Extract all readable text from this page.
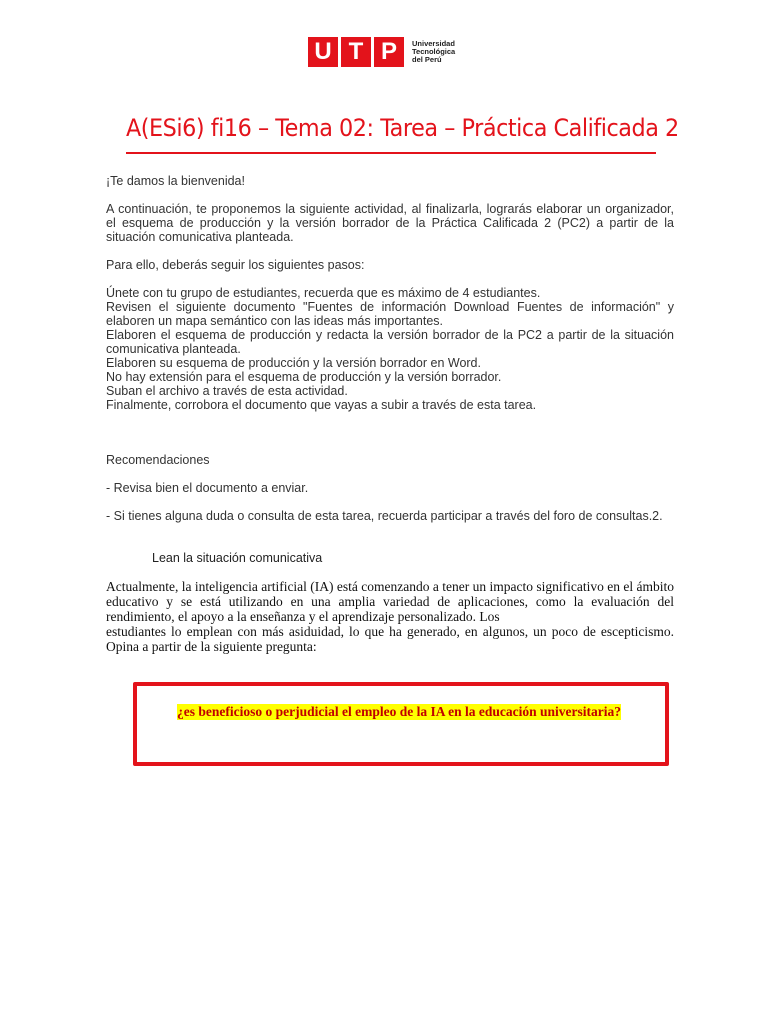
U T P	Universidad
Tecnológica
del Perú
A(ESi6) fi16 – Tema 02: Tarea – Práctica Calificada 2

¡Te damos la bienvenida!

A continuación, te proponemos la siguiente actividad, al finalizarla, lograrás elaborar un organizador, el esquema de producción y la versión borrador de la Práctica Calificada 2 (PC2) a partir de la situación comunicativa planteada.

Para ello, deberás seguir los siguientes pasos:

Únete con tu grupo de estudiantes, recuerda que es máximo de 4 estudiantes.

Revisen el siguiente documento "Fuentes de información Download Fuentes de información" y elaboren un mapa semántico con las ideas más importantes.

Elaboren el esquema de producción y redacta la versión borrador de la PC2 a partir de la situación comunicativa planteada.

Elaboren su esquema de producción y la versión borrador en Word.

No hay extensión para el esquema de producción y la versión borrador.

Suban el archivo a través de esta actividad.

Finalmente, corrobora el documento que vayas a subir a través de esta tarea.

Recomendaciones

- Revisa bien el documento a enviar.

- Si tienes alguna duda o consulta de esta tarea, recuerda participar a través del foro de consultas.2.

Lean la situación comunicativa

Actualmente, la inteligencia artificial (IA) está comenzando a tener un impacto significativo en el ámbito educativo y se está utilizando en una amplia variedad de aplicaciones, como la evaluación del rendimiento, el apoyo a la enseñanza y el aprendizaje personalizado. Los

estudiantes lo emplean con más asiduidad, lo que ha generado, en algunos, un poco de escepticismo. Opina a partir de la siguiente pregunta:

¿es beneficioso o perjudicial el empleo de la IA en la educación universitaria?
